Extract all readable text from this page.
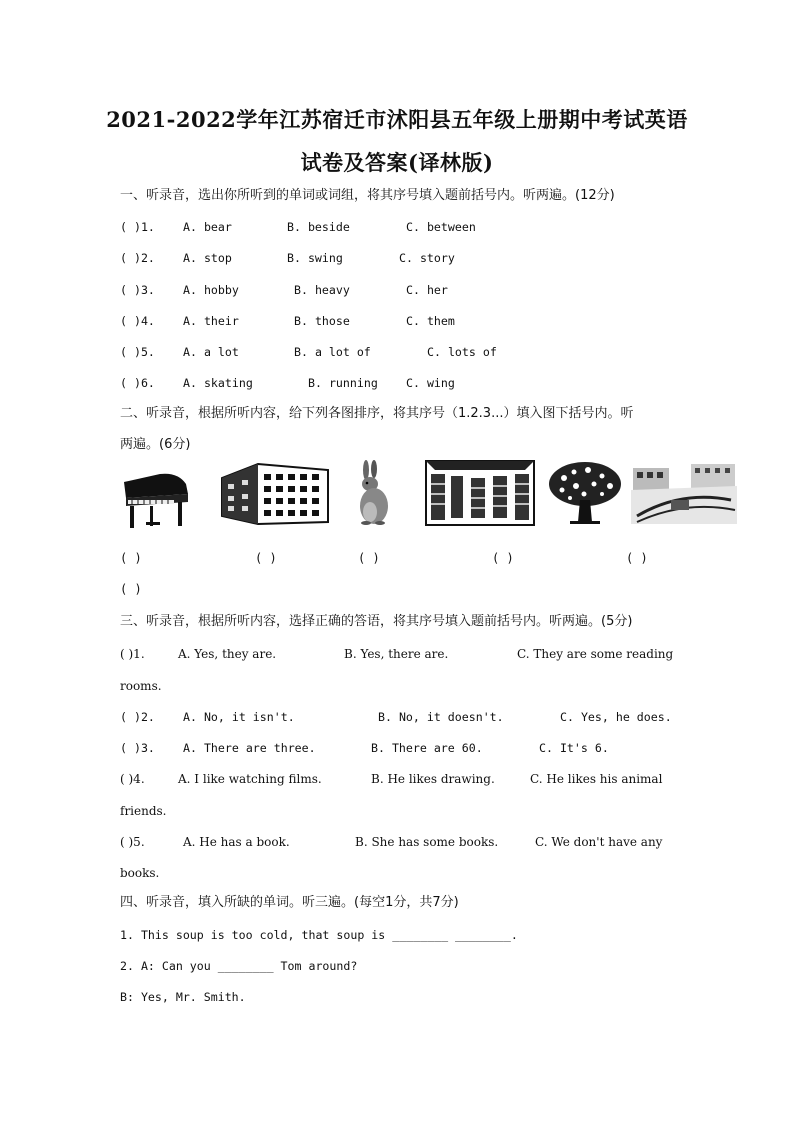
2021-2022学年江苏宿迁市沭阳县五年级上册期中考试英语
试卷及答案(译林版)
一、听录音，选出你所听到的单词或词组，将其序号填入题前括号内。听两遍。(12分)
( )1. A. bear	B. beside	C. between
( )2. A. stop	B. swing	C. story
( )3. A. hobby	B. heavy	C. her
( )4. A. their	B. those	C. them
( )5. A. a lot	B. a lot of	C. lots of
( )6. A. skating	B. running C. wing
二、听录音，根据所听内容，给下列各图排序，将其序号（1.2.3...）填入图下括号内。听
两遍。(6分)
( )	( )	( )	( )	( )
( )
三、听录音，根据所听内容，选择正确的答语，将其序号填入题前括号内。听两遍。(5分)
( )1.	A. Yes, they are.	B. Yes, there are.	C. They are some reading
rooms.
( )2. A. No, it isn't.	B. No, it doesn't.	C. Yes, he does.
( )3. A. There are three.	B. There are 60.	C. It's 6.
( )4.	A. I like watching films.	B. He likes drawing.	C. He likes his animal
friends.
( )5.	A. He has a book.	B. She has some books.	C. We don't have any
books.
四、听录音，填入所缺的单词。听三遍。(每空1分，共7分)
1. This soup is too cold, that soup is ________ ________.
2. A: Can you ________ Tom around?
B: Yes, Mr. Smith.
